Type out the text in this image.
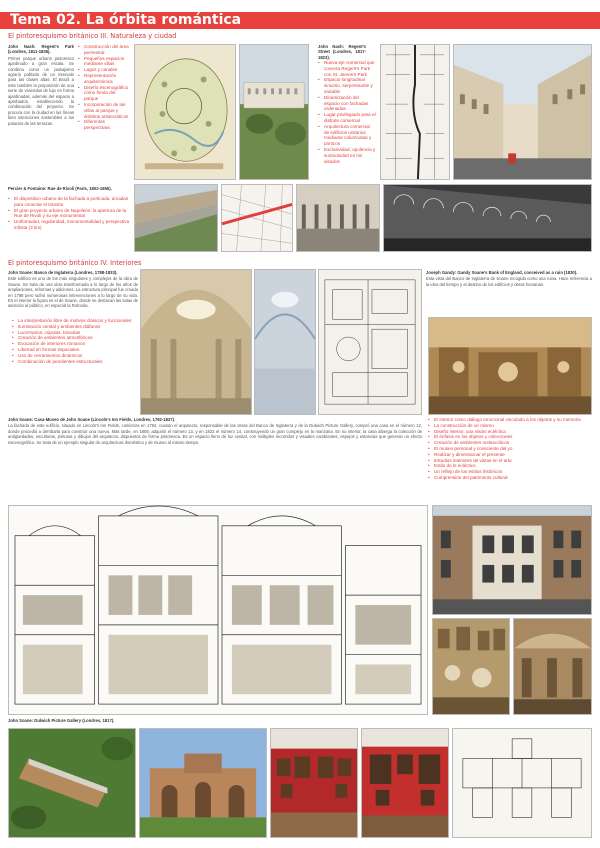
Tema 02. La órbita romántica
El pintoresquismo británico III. Naturaleza y ciudad
John Nash: Regent's Park (Londres, 1811-1835).
Primer parque urbano pintoresco ajardinado a gran escala. Se combina como un paisajismo agrario poblado de un intervalo para las clases altas. El Brazil a este también la proposición de una serie de viviendas de lujo en forma ajardinadas, además del espacio a aprobados, estableciendo la combinación del proyecto. Se procura con la ciudad en las líneas bien intenciones sostenibles a los palacios de las terrazas.
• Construcción del área perimetral
• Pequeños espacios mediante villas
• Lagos y canales
• Representación arquitectónica
• Diseño escenográfico como fondo del parque
• Incorporación de las villas al parque y ámbitos aristocráticos
• Diferentes perspectivas
John Nash: Regent's Street (Londres, 1817-1823).
• Nueva eje comercial que conecta Regent's Park con St. James's Park
• Espacio longitudinal sinuoso, serpenteante y variable
• Dinamización del espacio con fachadas ordenadas
• Lugar privilegiado para el disfrute comercial
• Arquitectura comercial de edificios unitarios mediante columnatas y pórticos
• Exclusividad, opulencia y suntuosidad en los alzados
Percier & Fontaine: Rue de Rivoli (París, 1802-1855).
• El dispositivo urbano de la fachada a porticada, arcadas para conectar el tránsito
• El gran proyecto urbano de Napoleón: la apertura de la Rue de Rivoli y su eje monumental
• Uniformidad, regularidad, monumentalidad y perspectiva infinita (3 km)
El pintoresquismo británico IV. Interiores
John Soane: Banco de Inglaterra (Londres, 1788-1833).
Este edificio es uno de los más singulares y complejos de la obra de Soane. Se trata de una obra transformada a lo largo de los años de ampliaciones, reformas y adiciones. La estructura principal fue creada en 1788 pero sufrió numerosas intervenciones a lo largo de su vida. En el interior la figura es el de Soane, donde se destacan las salas de atención al público, en especial la Rotonda.
• La interpretación libre de motivos clásicos y funcionales
• Iluminación cenital y ambientes diáfanos
• Lucernarios, cúpulas, bóvedas
• Creación de ambientes atmosféricos
• Evocación de interiores romanos
• Libertad en formas espaciales
• Uso de cerramientos dinámicos
• Combinación de pendientes estructurales
Joseph Gandy: Gandy Soane's Bank of England, conceived as a ruin (1830).
Esta vista del Banco de Inglaterra de Soane recogida como una ruina. Hace referencia a la idea del tiempo y al destino de los edificios y obras humanas.
John Soane: Casa-Museo de John Soane (Lincoln's Inn Fields, Londres, 1792-1837).
La fachada de este edificio, situado en Lincoln's Inn Fields, comienza en 1792, cuando el arquitecto, responsable de las obras del Banco de Inglaterra y de la Dulwich Picture Gallery, compró una casa en el número 12, donde procedió a derribarla para construir una nueva. Más tarde, en 1808, adquirió el número 13, y en 1823 el número 14, construyendo un gran complejo en la manzana. En su interior, la casa alberga la colección de antigüedades, esculturas, pinturas y dibujos del arquitecto, dispuestos de forma pintoresca. Es un espacio lleno de luz cenital, con múltiples recorridos y visuales cambiantes, espejos y estancias que generan un efecto escenográfico. Se trata de un ejemplo singular de arquitectura doméstica y de museo al mismo tiempo.
• El interior como diálogo emocional vinculado a los objetos y su memoria
• La construcción de un mismo
• Diseño interior, una visión ecléctica
• El énfasis en los objetos y colecciones
• Creación de ambientes melancólicos
• El museo personal y consciente del yo
• Realizar y dimensionar el presente
• Estudios interiores de vistas en el arte
• Estilo de lo ecléctico
• Un reflejo de los estilos históricos
• Comprensión del patrimonio cultural
John Soane: Dulwich Picture Gallery (Londres, 1817).
